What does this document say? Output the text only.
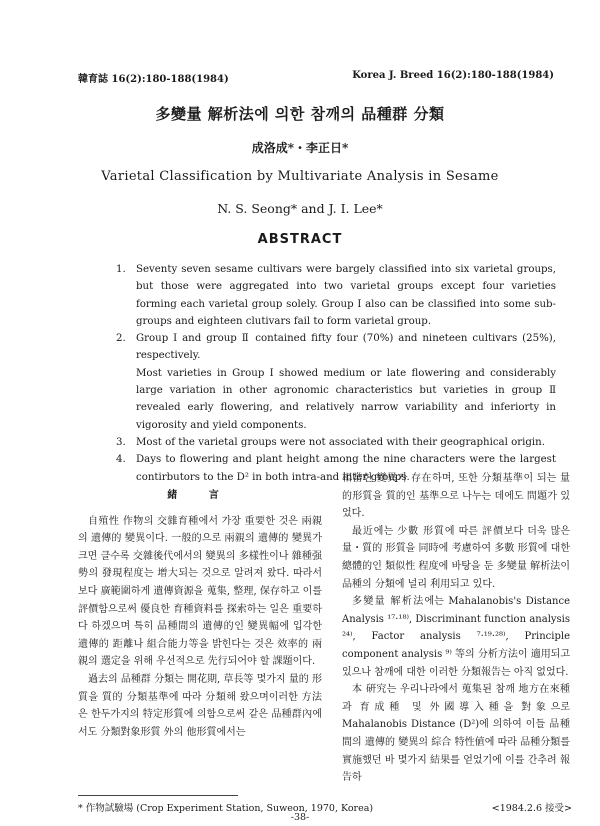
韓育誌 16(2):180-188(1984)	Korea J. Breed 16(2):180-188(1984)
多變量 解析法에 의한 참깨의 品種群 分類
成洛成*・李正日*
Varietal Classification by Multivariate Analysis in Sesame
N. S. Seong* and J. I. Lee*
ABSTRACT
1. Seventy seven sesame cultivars were bargely classified into six varietal groups, but those were aggregated into two varietal groups except four varieties forming each varietal group solely. Group I also can be classified into some sub-groups and eighteen clutivars fail to form varietal group.
2. Group I and group Ⅱ contained fifty four (70%) and nineteen cultivars (25%), respectively.
Most varieties in Group I showed medium or late flowering and considerably large variation in other agronomic characteristics but varieties in group Ⅱ revealed early flowering, and relatively narrow variability and inferiorty in vigorosity and yield components.
3. Most of the varietal groups were not associated with their geographical origin.
4. Days to flowering and plant height among the nine characters were the largest contirbutors to the D² in both intra-and inter-groups.
緒 言

自殖性 作物의 交雜育種에서 가장 重要한 것은 兩親의 遺傳的 變異이다. 一般的으로 兩親의 遺傳的 變異가 크면 클수록 交雜後代에서의 變異의 多樣性이나 雜種强勢의 發現程度는 增大되는 것으로 알려져 왔다. 따라서 보다 廣範圍하게 遺傳資源을 蒐集, 整理, 保存하고 이를 評價함으로써 優良한 育種資料를 探索하는 일은 重要하다 하겠으며 특히 品種間의 遺傳的인 變異幅에 입각한 遺傳的 距離나 組合能力等을 밝힌다는 것은 效率的 兩親의 選定을 위해 우선적으로 先行되어야 할 課題이다.

過去의 品種群 分類는 開花期, 草長等 몇가지 量的 形質을 質的 分類基準에 따라 分類해 왔으며이러한 方法은 한두가지의 特定形質에 의함으로써 같은 品種群內에서도 分類對象形質 外의 他形質에서는

相當한 變異가 存在하며, 또한 分類基準이 되는 量的形質을 質的인 基準으로 나누는 데에도 問題가 있었다.

最近에는 少數 形質에 따른 評價보다 더욱 많은 量・質的 形質을 同時에 考慮하여 多數 形質에 대한 總體的인 類似性 程度에 바탕을 둔 多變量 解析法이 品種의 分類에 널리 利用되고 있다.

多變量 解析法에는 Mahalanobis's Distance Analysis ¹⁷·¹⁸⁾, Discriminant function analysis ²⁴⁾, Factor analysis ⁷·¹⁹·²⁸⁾, Principle component analysis ⁹⁾ 等의 分析方法이 適用되고 있으나 참깨에 대한 이러한 分類報告는 아직 없었다.

本 硏究는 우리나라에서 蒐集된 참깨 地方在來種과 育成種 및 外國導入種을 對象으로 Mahalanobis Distance (D²)에 의하여 이들 品種間의 遺傳的 變異의 綜合 特性値에 따라 品種分類를 實施했던 바 몇가지 結果를 얻었기에 이를 간추려 報告하

* 作物試驗場 (Crop Experiment Station, Suweon, 1970, Korea)	<1984.2.6 接受>
-38-
